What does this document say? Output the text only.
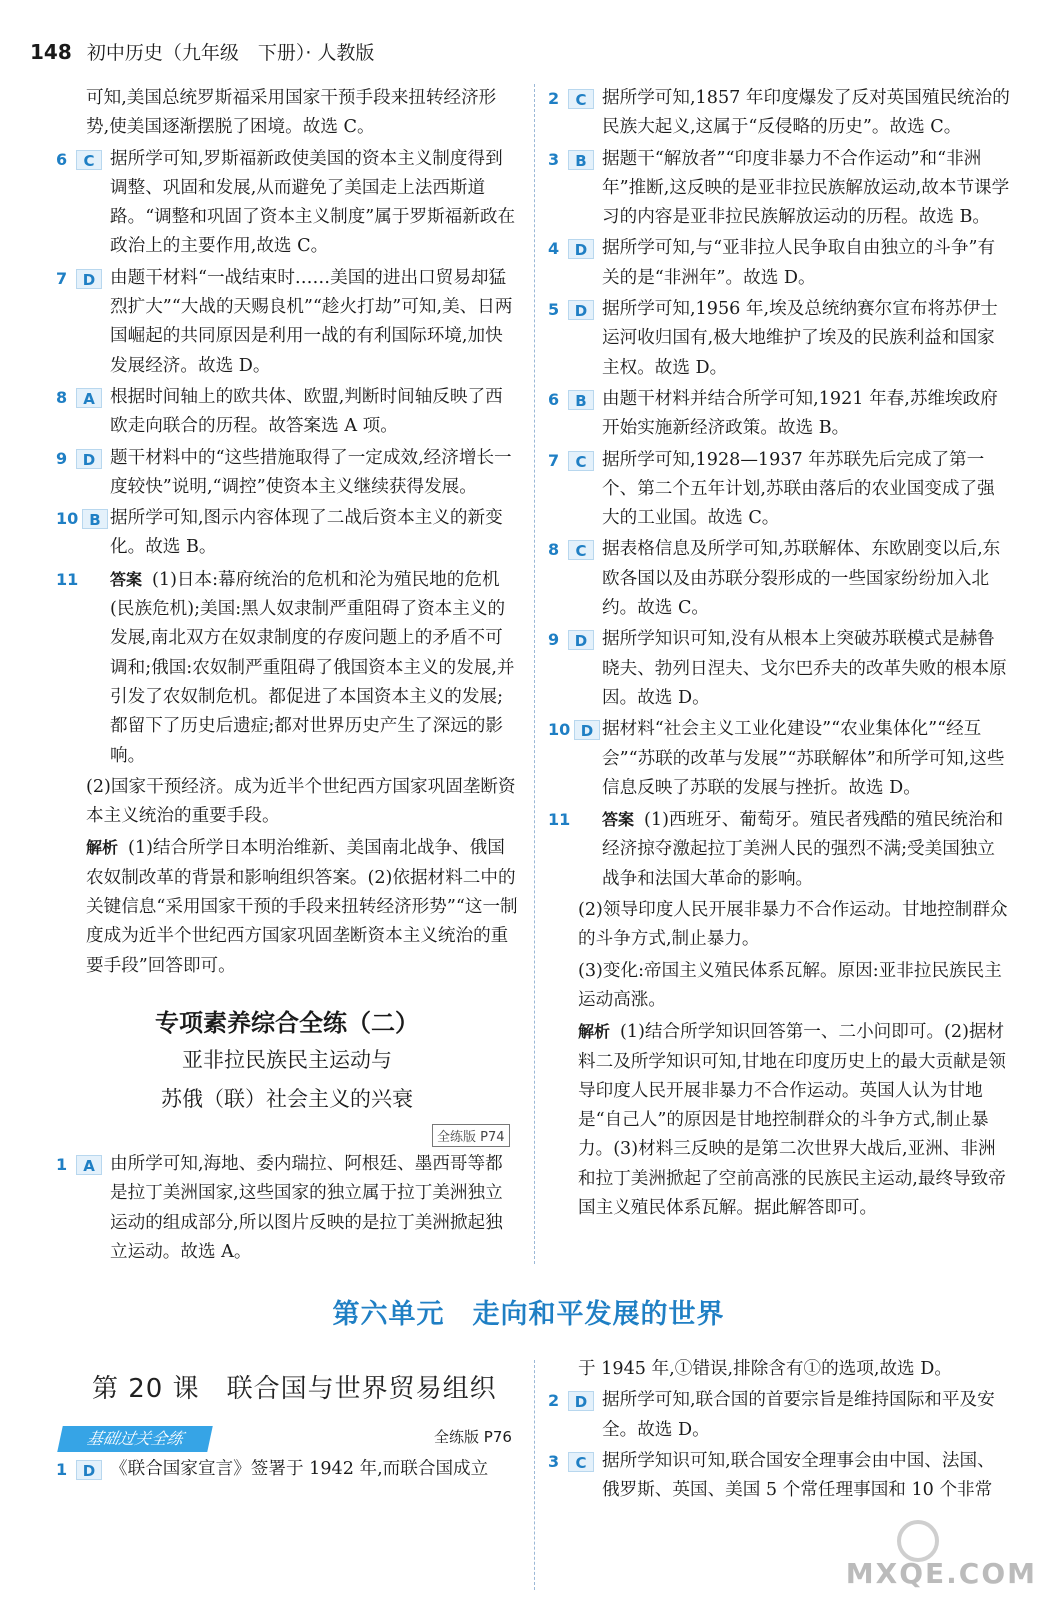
148 初中历史（九年级　下册）· 人教版
可知,美国总统罗斯福采用国家干预手段来扭转经济形势,使美国逐渐摆脱了困境。故选 C。
6	C 据所学可知,罗斯福新政使美国的资本主义制度得到调整、巩固和发展,从而避免了美国走上法西斯道路。“调整和巩固了资本主义制度”属于罗斯福新政在政治上的主要作用,故选 C。
7	D 由题干材料“一战结束时……美国的进出口贸易却猛烈扩大”“大战的天赐良机”“趁火打劫”可知,美、日两国崛起的共同原因是利用一战的有利国际环境,加快发展经济。故选 D。
8	A 根据时间轴上的欧共体、欧盟,判断时间轴反映了西欧走向联合的历程。故答案选 A 项。
9	D 题干材料中的“这些措施取得了一定成效,经济增长一度较快”说明,“调控”使资本主义继续获得发展。
10 B 据所学可知,图示内容体现了二战后资本主义的新变化。故选 B。
11 答案 (1)日本:幕府统治的危机和沦为殖民地的危机(民族危机);美国:黑人奴隶制严重阻碍了资本主义的发展,南北双方在奴隶制度的存废问题上的矛盾不可调和;俄国:农奴制严重阻碍了俄国资本主义的发展,并引发了农奴制危机。都促进了本国资本主义的发展;都留下了历史后遗症;都对世界历史产生了深远的影响。
(2)国家干预经济。成为近半个世纪西方国家巩固垄断资本主义统治的重要手段。
解析 (1)结合所学日本明治维新、美国南北战争、俄国农奴制改革的背景和影响组织答案。(2)依据材料二中的关键信息“采用国家干预的手段来扭转经济形势”“这一制度成为近半个世纪西方国家巩固垄断资本主义统治的重要手段”回答即可。
2	C 据所学可知,1857 年印度爆发了反对英国殖民统治的民族大起义,这属于“反侵略的历史”。故选 C。
3	B 据题干“解放者”“印度非暴力不合作运动”和“非洲年”推断,这反映的是亚非拉民族解放运动,故本节课学习的内容是亚非拉民族解放运动的历程。故选 B。
4	D 据所学可知,与“亚非拉人民争取自由独立的斗争”有关的是“非洲年”。故选 D。
5	D 据所学可知,1956 年,埃及总统纳赛尔宣布将苏伊士运河收归国有,极大地维护了埃及的民族利益和国家主权。故选 D。
6	B 由题干材料并结合所学可知,1921 年春,苏维埃政府开始实施新经济政策。故选 B。
7	C 据所学可知,1928—1937 年苏联先后完成了第一个、第二个五年计划,苏联由落后的农业国变成了强大的工业国。故选 C。
8	C 据表格信息及所学可知,苏联解体、东欧剧变以后,东欧各国以及由苏联分裂形成的一些国家纷纷加入北约。故选 C。
9	D 据所学知识可知,没有从根本上突破苏联模式是赫鲁晓夫、勃列日涅夫、戈尔巴乔夫的改革失败的根本原因。故选 D。
10 D 据材料“社会主义工业化建设”“农业集体化”“经互会”“苏联的改革与发展”“苏联解体”和所学可知,这些信息反映了苏联的发展与挫折。故选 D。
11 答案 (1)西班牙、葡萄牙。殖民者残酷的殖民统治和经济掠夺激起拉丁美洲人民的强烈不满;受美国独立战争和法国大革命的影响。
(2)领导印度人民开展非暴力不合作运动。甘地控制群众的斗争方式,制止暴力。
(3)变化:帝国主义殖民体系瓦解。原因:亚非拉民族民主运动高涨。
解析 (1)结合所学知识回答第一、二小问即可。(2)据材料二及所学知识可知,甘地在印度历史上的最大贡献是领导印度人民开展非暴力不合作运动。英国人认为甘地是“自己人”的原因是甘地控制群众的斗争方式,制止暴力。(3)材料三反映的是第二次世界大战后,亚洲、非洲和拉丁美洲掀起了空前高涨的民族民主运动,最终导致帝国主义殖民体系瓦解。据此解答即可。
专项素养综合全练（二）
亚非拉民族民主运动与
苏俄（联）社会主义的兴衰
全练版 P74
1	A 由所学可知,海地、委内瑞拉、阿根廷、墨西哥等都是拉丁美洲国家,这些国家的独立属于拉丁美洲独立运动的组成部分,所以图片反映的是拉丁美洲掀起独立运动。故选 A。
第六单元　走向和平发展的世界
第 20 课　联合国与世界贸易组织
基础过关全练	全练版 P76
1	D 《联合国家宣言》签署于 1942 年,而联合国成立
于 1945 年,①错误,排除含有①的选项,故选 D。
2	D 据所学可知,联合国的首要宗旨是维持国际和平及安全。故选 D。
3	C 据所学知识可知,联合国安全理事会由中国、法国、俄罗斯、英国、美国 5 个常任理事国和 10 个非常
MXQE.COM
